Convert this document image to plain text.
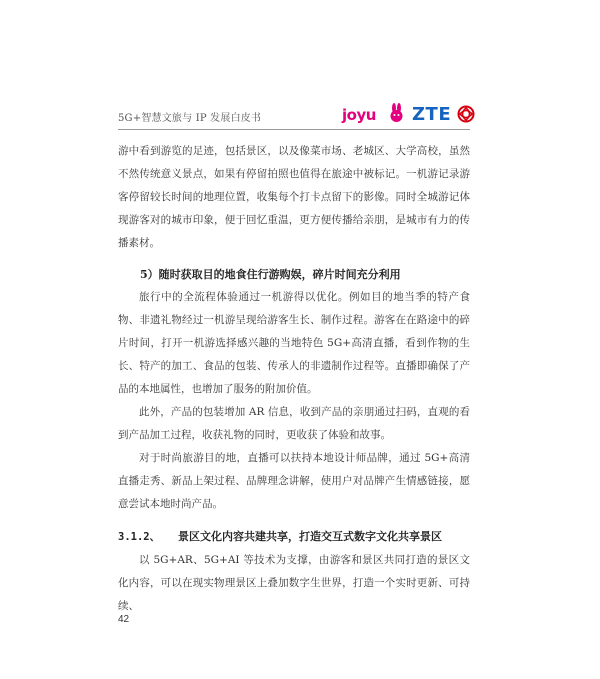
5G+智慧文旅与 IP 发展白皮书	joyu ZTE

游中看到游览的足迹，包括景区，以及像菜市场、老城区、大学高校，虽然不然传统意义景点，如果有停留拍照也值得在旅途中被标记。一机游记录游客停留较长时间的地理位置，收集每个打卡点留下的影像。同时全城游记体现游客对的城市印象，便于回忆重温，更方便传播给亲朋，是城市有力的传播素材。

5）随时获取目的地食住行游购娱，碎片时间充分利用

旅行中的全流程体验通过一机游得以优化。例如目的地当季的特产食物、非遗礼物经过一机游呈现给游客生长、制作过程。游客在在路途中的碎片时间，打开一机游选择感兴趣的当地特色 5G+高清直播，看到作物的生长、特产的加工、食品的包装、传承人的非遗制作过程等。直播即确保了产品的本地属性，也增加了服务的附加价值。

此外，产品的包装增加 AR 信息，收到产品的亲朋通过扫码，直观的看到产品加工过程，收获礼物的同时，更收获了体验和故事。

对于时尚旅游目的地，直播可以扶持本地设计师品牌，通过 5G+高清直播走秀、新品上架过程、品牌理念讲解，使用户对品牌产生情感链接，愿意尝试本地时尚产品。

3.1.2、 景区文化内容共建共享，打造交互式数字文化共享景区

以 5G+AR、5G+AI 等技术为支撑，由游客和景区共同打造的景区文化内容，可以在现实物理景区上叠加数字生世界，打造一个实时更新、可持续、

42
